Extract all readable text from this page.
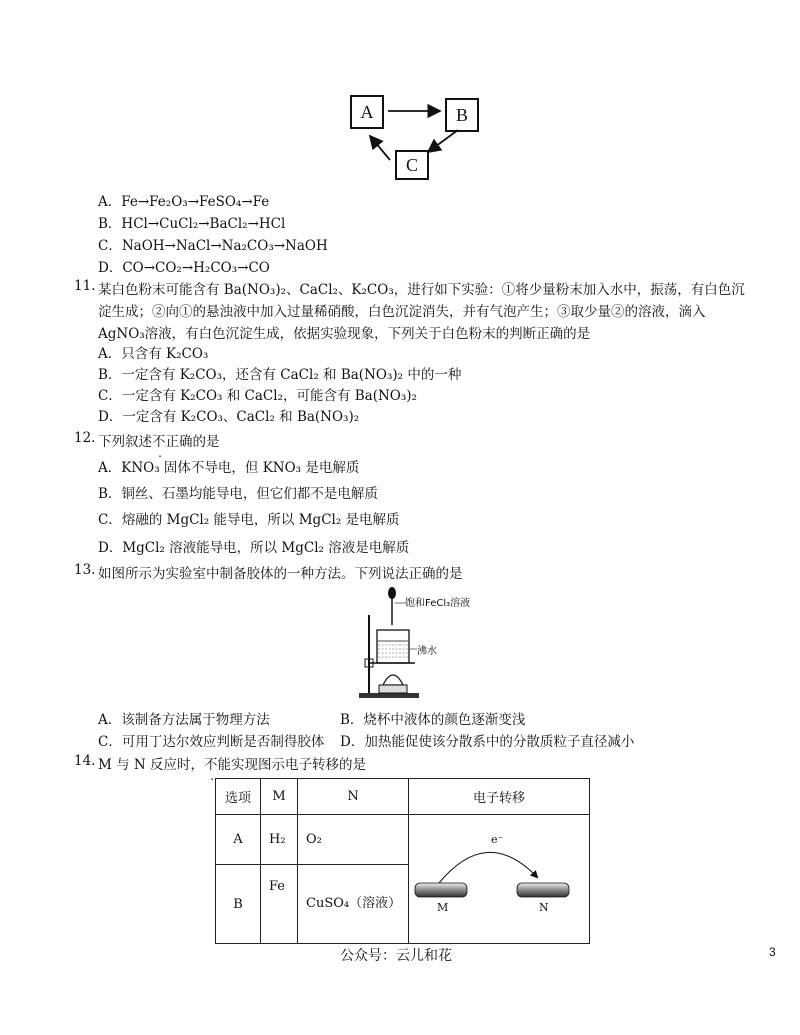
A	B
C
A．Fe→Fe₂O₃→FeSO₄→Fe
B．HCl→CuCl₂→BaCl₂→HCl
C．NaOH→NaCl→Na₂CO₃→NaOH
D．CO→CO₂→H₂CO₃→CO
11. 某白色粉末可能含有 Ba(NO₃)₂、CaCl₂、K₂CO₃，进行如下实验：①将少量粉末加入水中，振荡，有白色沉
淀生成；②向①的悬浊液中加入过量稀硝酸，白色沉淀消失，并有气泡产生；③取少量②的溶液，滴入
AgNO₃溶液，有白色沉淀生成，依据实验现象，下列关于白色粉末的判断正确的是
A．只含有 K₂CO₃
B．一定含有 K₂CO₃，还含有 CaCl₂ 和 Ba(NO₃)₂ 中的一种
C．一定含有 K₂CO₃ 和 CaCl₂，可能含有 Ba(NO₃)₂
D．一定含有 K₂CO₃、CaCl₂ 和 Ba(NO₃)₂
12. 下列叙述不正确的是
A．KNO₃ 固体不导电，但 KNO₃ 是电解质
B．铜丝、石墨均能导电，但它们都不是电解质
C．熔融的 MgCl₂ 能导电，所以 MgCl₂ 是电解质
D．MgCl₂ 溶液能导电，所以 MgCl₂ 溶液是电解质
13. 如图所示为实验室中制备胶体的一种方法。下列说法正确的是
饱和FeCl₃溶液
沸水
A．该制备方法属于物理方法	B．烧杯中液体的颜色逐渐变浅
C．可用丁达尔效应判断是否制得胶体 D．加热能促使该分散系中的分散质粒子直径减小
14. M 与 N 反应时，不能实现图示电子转移的是
选项	M	N	电子转移
A	H₂	O₂	e⁻
M N

B	Fe	CuSO₄（溶液）	
公众号：云儿和花	3
